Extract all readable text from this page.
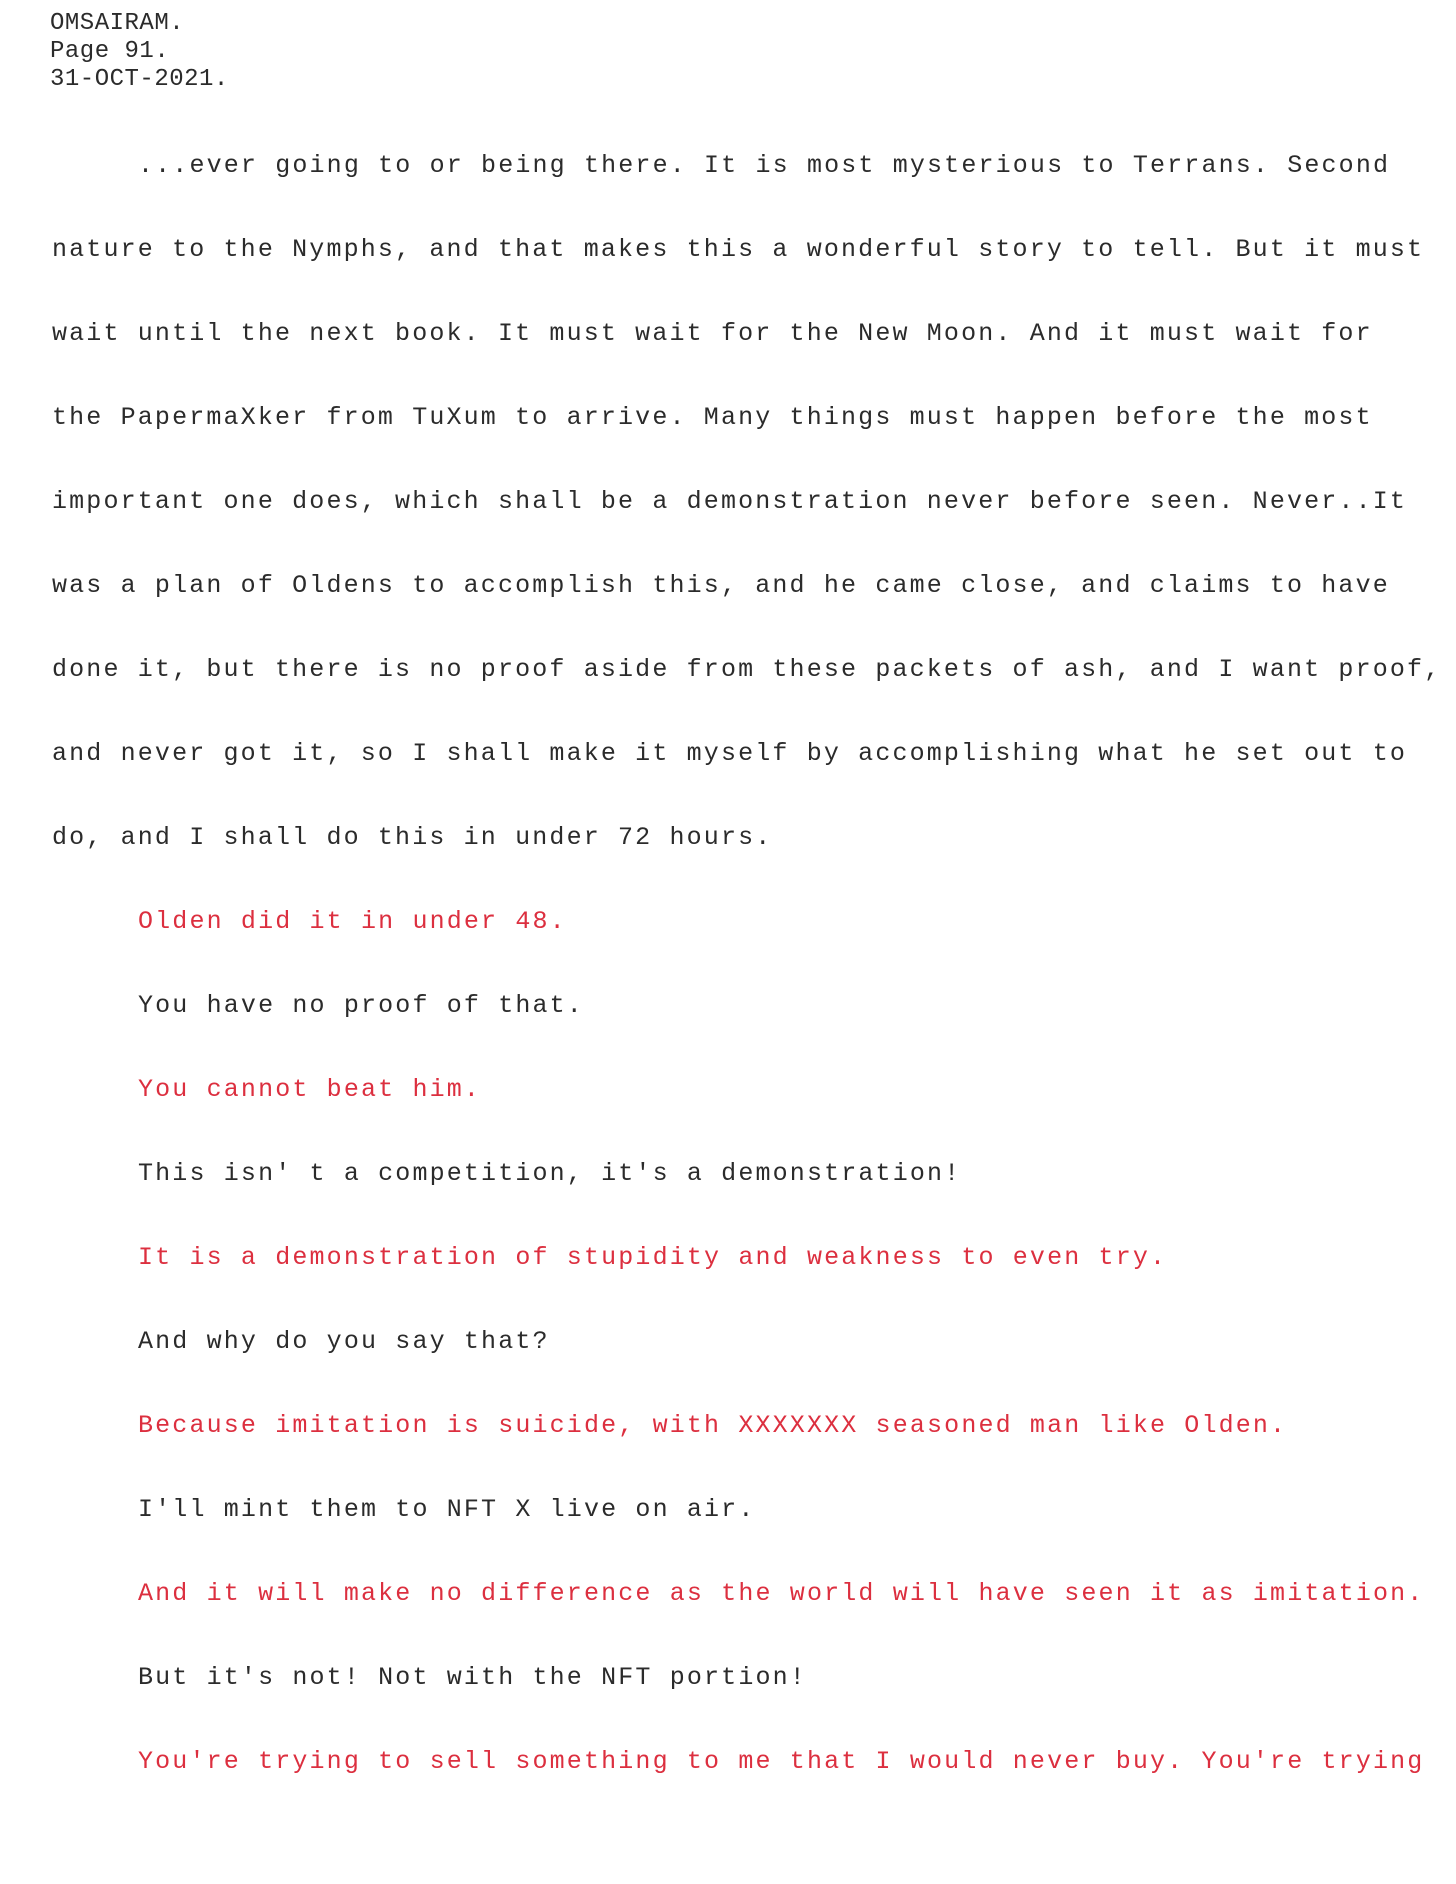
OMSAIRAM.
Page 91.
31-OCT-2021.
...ever going to or being there. It is most mysterious to Terrans. Second
nature to the Nymphs, and that makes this a wonderful story to tell. But it must
wait until the next book. It must wait for the New Moon. And it must wait for
the PapermaXker from TuXum to arrive. Many things must happen before the most
important one does, which shall be a demonstration never before seen. Never..It
was a plan of Oldens to accomplish this, and he came close, and claims to have
done it, but there is no proof aside from these packets of ash, and I want proof,
and never got it, so I shall make it myself by accomplishing what he set out to
do, and I shall do this in under 72 hours.
Olden did it in under 48.
You have no proof of that.
You cannot beat him.
This isn' t a competition, it's a demonstration!
It is a demonstration of stupidity and weakness to even try.
And why do you say that?
Because imitation is suicide, with XXXXXXX seasoned man like Olden.
I'll mint them to NFT X live on air.
And it will make no difference as the world will have seen it as imitation.
But it's not! Not with the NFT portion!
You're trying to sell something to me that I would never buy. You're trying
